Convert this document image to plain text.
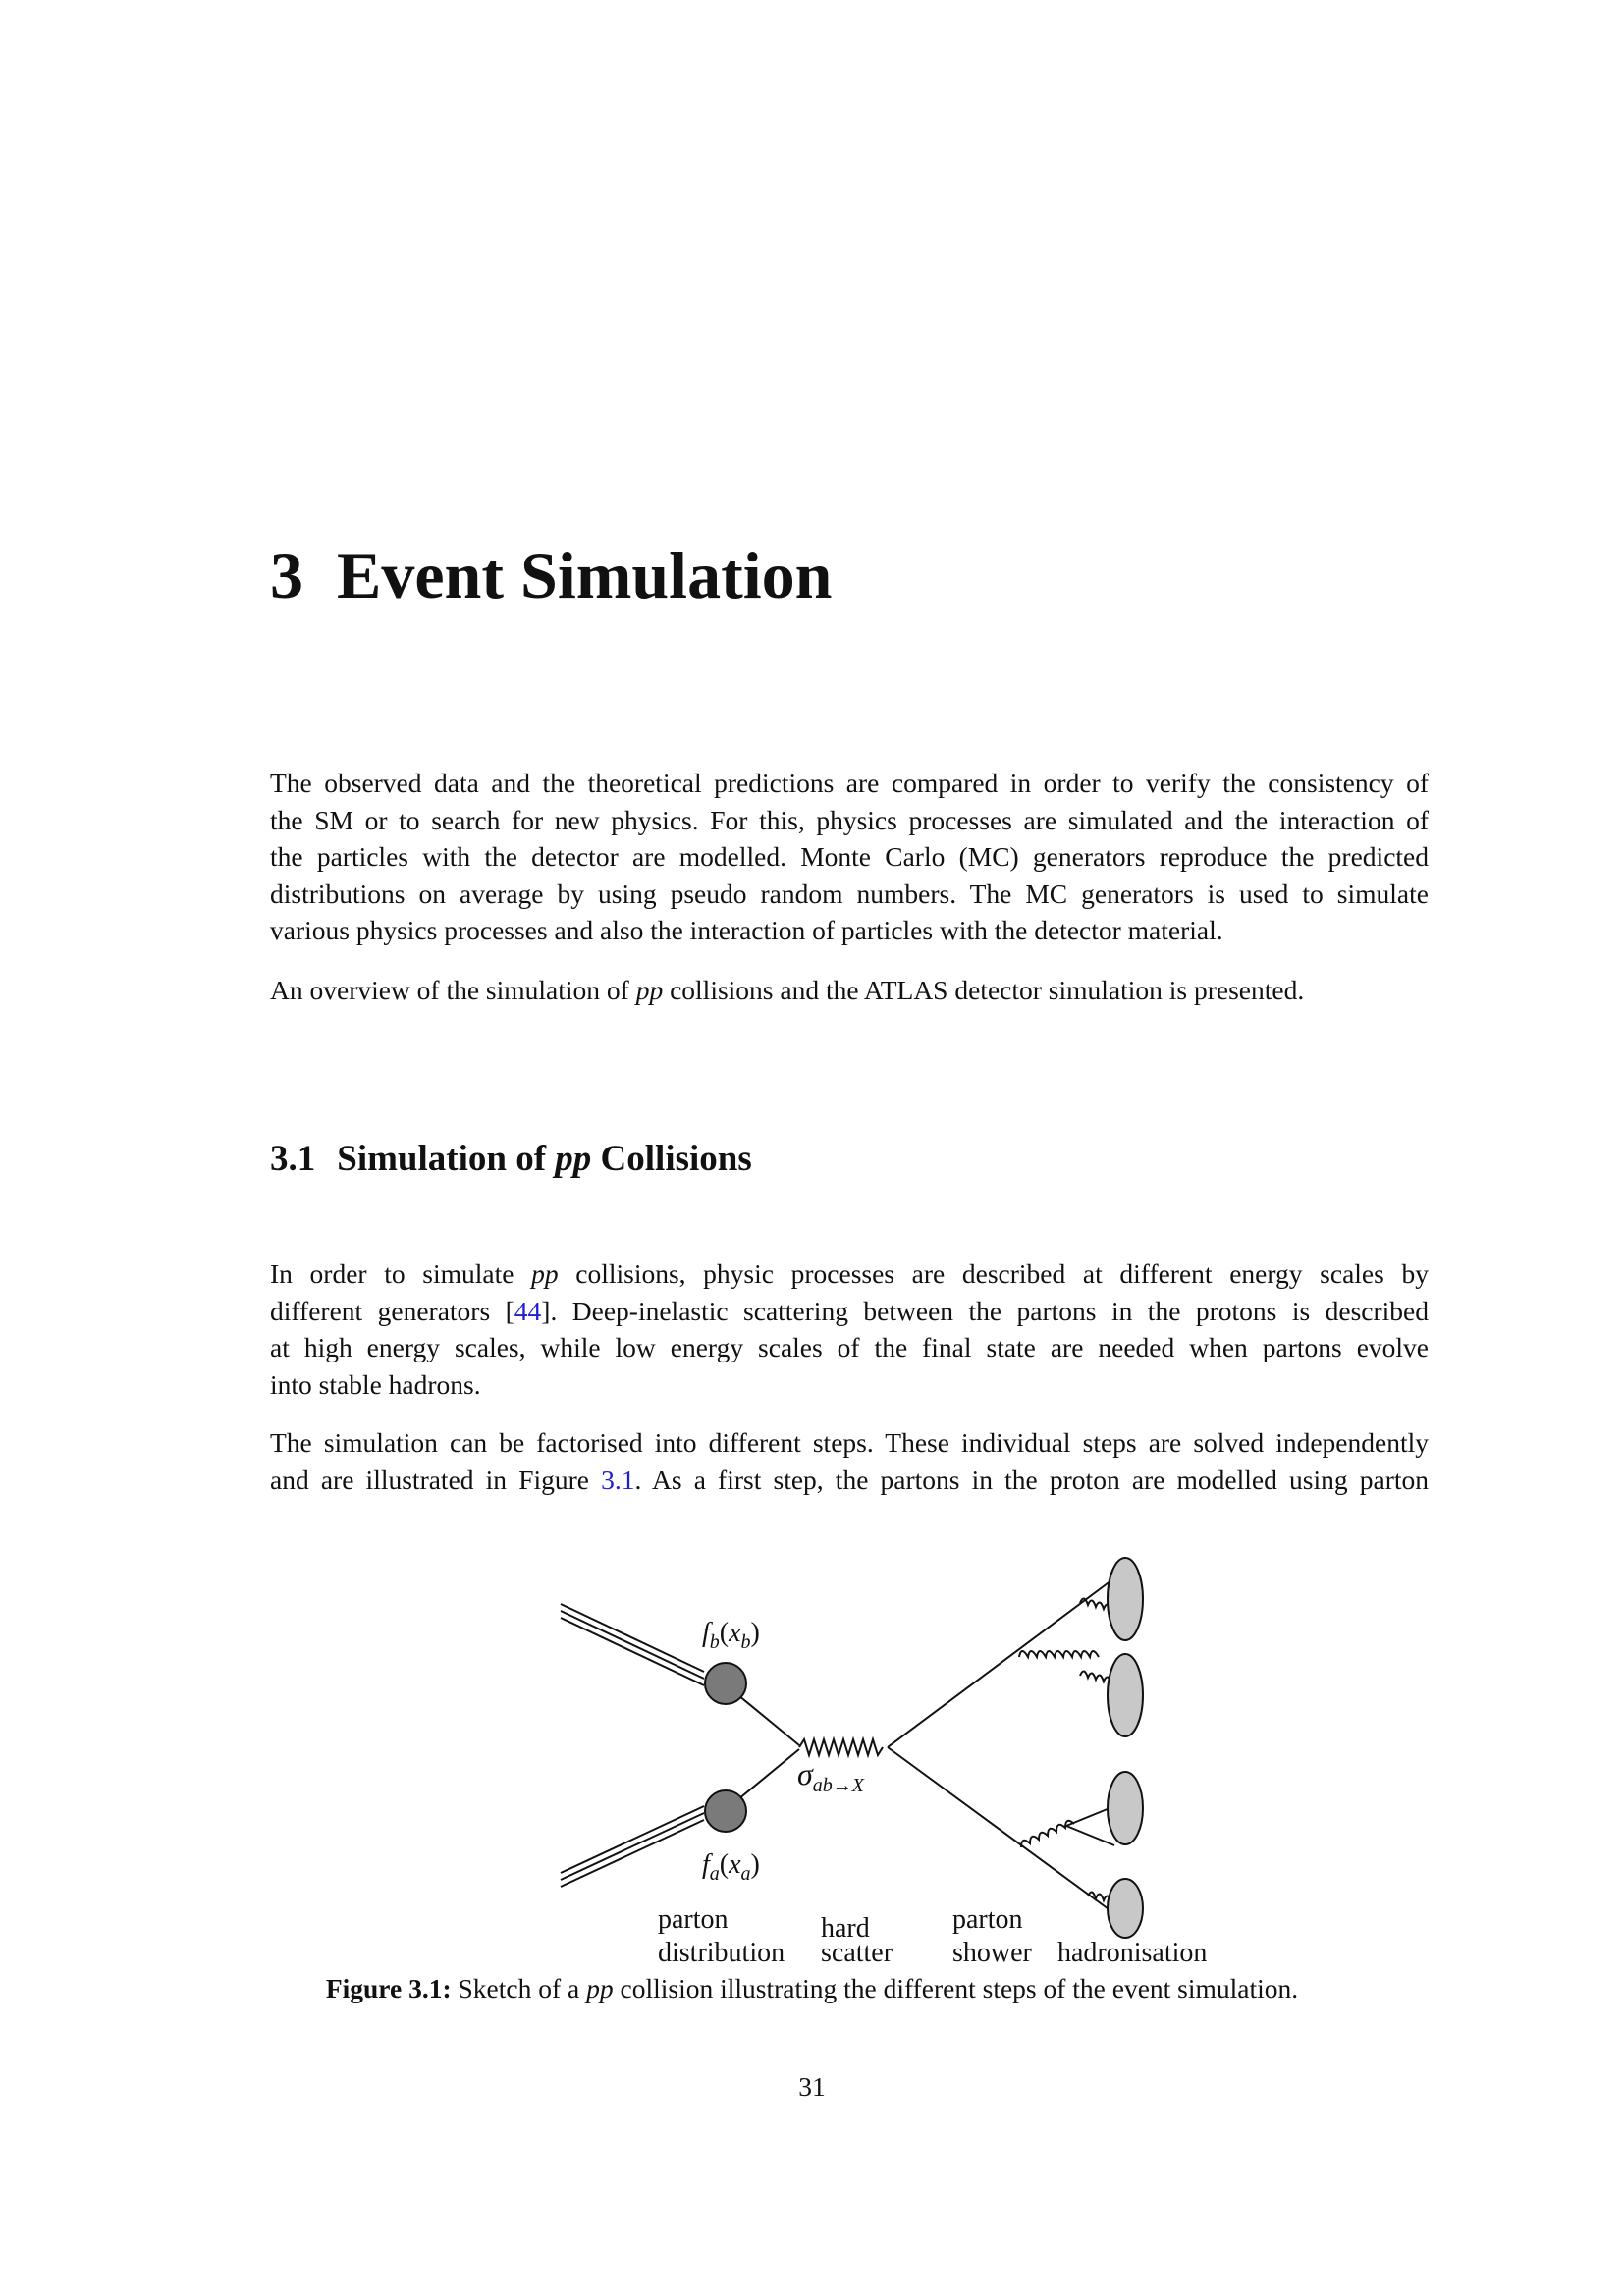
3 Event Simulation

The observed data and the theoretical predictions are compared in order to verify the consistency of
the SM or to search for new physics. For this, physics processes are simulated and the interaction of
the particles with the detector are modelled. Monte Carlo (MC) generators reproduce the predicted
distributions on average by using pseudo random numbers. The MC generators is used to simulate
various physics processes and also the interaction of particles with the detector material.

An overview of the simulation of pp collisions and the ATLAS detector simulation is presented.

3.1 Simulation of pp Collisions

In order to simulate pp collisions, physic processes are described at different energy scales by
different generators [44]. Deep-inelastic scattering between the partons in the protons is described
at high energy scales, while low energy scales of the final state are needed when partons evolve
into stable hadrons.

The simulation can be factorised into different steps. These individual steps are solved independently
and are illustrated in Figure 3.1. As a first step, the partons in the proton are modelled using parton

fb(xb)
fa(xa)
σab→X
parton
distribution
hard
scatter
parton
shower hadronisation

Figure 3.1: Sketch of a pp collision illustrating the different steps of the event simulation.

31
